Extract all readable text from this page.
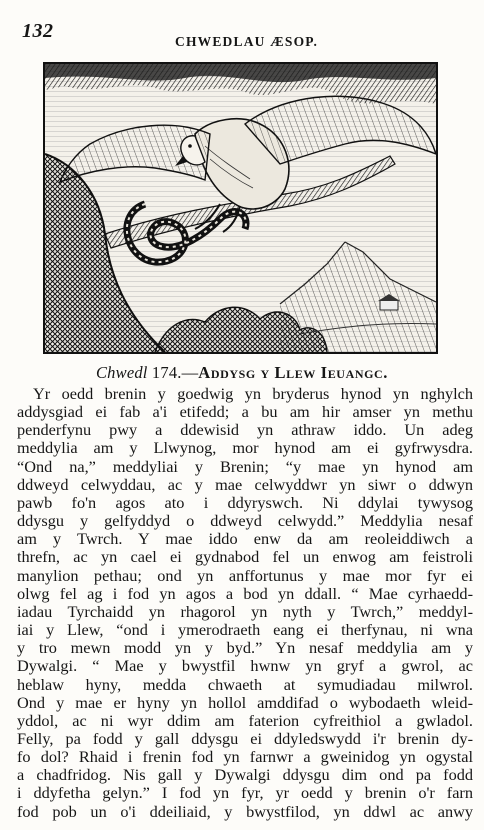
132	CHWEDLAU ÆSOP.
Chwedl 174.—Addysg y Llew Ieuangc.
Yr oedd brenin y goedwig yn bryderus hynod yn nghylch
addysgiad ei fab a'i etifedd; a bu am hir amser yn methu
penderfynu pwy a ddewisid yn athraw iddo. Un adeg
meddylia am y Llwynog, mor hynod am ei gyfrwysdra.
“Ond na,” meddyliai y Brenin; “y mae yn hynod am
ddweyd celwyddau, ac y mae celwyddwr yn siwr o ddwyn
pawb fo'n agos ato i ddyryswch. Ni ddylai tywysog
ddysgu y gelfyddyd o ddweyd celwydd.” Meddylia nesaf
am y Twrch. Y mae iddo enw da am reoleiddiwch a
threfn, ac yn cael ei gydnabod fel un enwog am feistroli
manylion pethau; ond yn anffortunus y mae mor fyr ei
olwg fel ag i fod yn agos a bod yn ddall. “ Mae cyrhaedd-
iadau Tyrchaidd yn rhagorol yn nyth y Twrch,” meddyl-
iai y Llew, “ond i ymerodraeth eang ei therfynau, ni wna
y tro mewn modd yn y byd.” Yn nesaf meddylia am y
Dywalgi. “ Mae y bwystfil hwnw yn gryf a gwrol, ac
heblaw hyny, medda chwaeth at symudiadau milwrol.
Ond y mae er hyny yn hollol amddifad o wybodaeth wleid-
yddol, ac ni wyr ddim am faterion cyfreithiol a gwladol.
Felly, pa fodd y gall ddysgu ei ddyledswydd i'r brenin dy-
fo dol? Rhaid i frenin fod yn farnwr a gweinidog yn ogystal
a chadfridog. Nis gall y Dywalgi ddysgu dim ond pa fodd
i ddyfetha gelyn.” I fod yn fyr, yr oedd y brenin o'r farn
fod pob un o'i ddeiliaid, y bwystfilod, yn ddwl ac anwy
